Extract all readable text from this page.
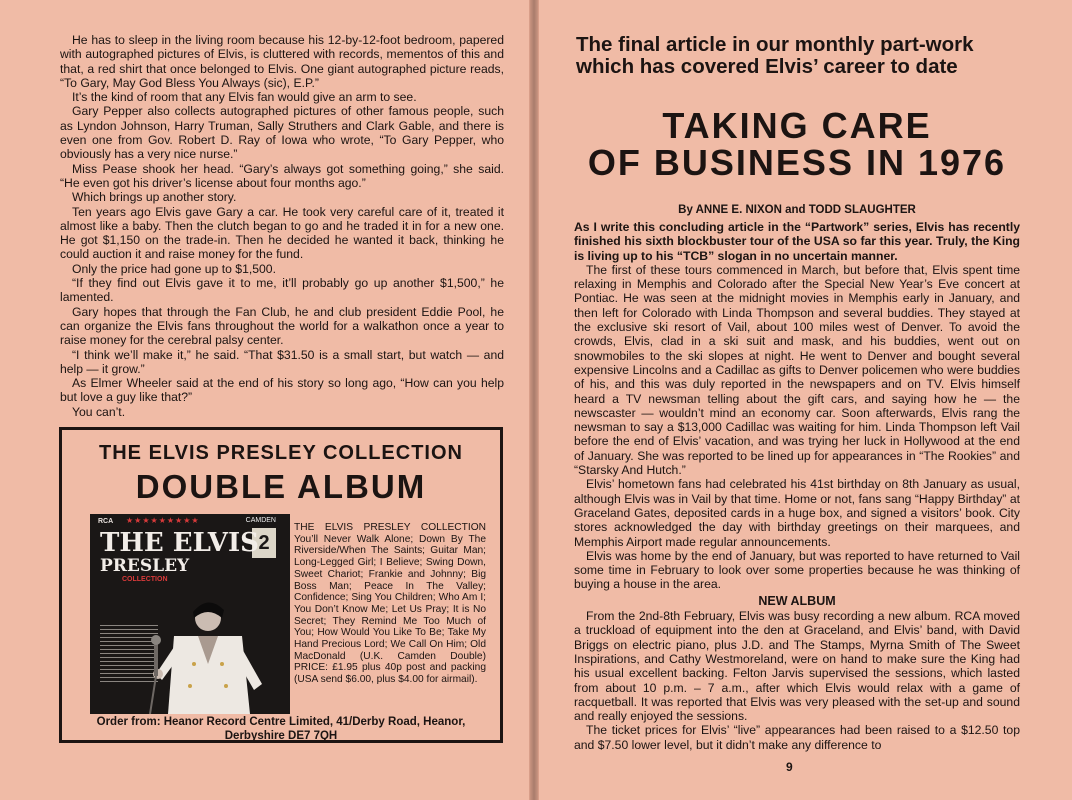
He has to sleep in the living room because his 12-by-12-foot bedroom, papered with autographed pictures of Elvis, is cluttered with records, mementos of this and that, a red shirt that once belonged to Elvis. One giant autographed picture reads, “To Gary, May God Bless You Always (sic), E.P.”

It’s the kind of room that any Elvis fan would give an arm to see.

Gary Pepper also collects autographed pictures of other famous people, such as Lyndon Johnson, Harry Truman, Sally Struthers and Clark Gable, and there is even one from Gov. Robert D. Ray of Iowa who wrote, “To Gary Pepper, who obviously has a very nice nurse.”

Miss Pease shook her head. “Gary’s always got something going,” she said. “He even got his driver’s license about four months ago.”

Which brings up another story.

Ten years ago Elvis gave Gary a car. He took very careful care of it, treated it almost like a baby. Then the clutch began to go and he traded it in for a new one. He got $1,150 on the trade-in. Then he decided he wanted it back, thinking he could auction it and raise money for the fund.

Only the price had gone up to $1,500.

“If they find out Elvis gave it to me, it’ll probably go up another $1,500,” he lamented.

Gary hopes that through the Fan Club, he and club president Eddie Pool, he can organize the Elvis fans throughout the world for a walkathon once a year to raise money for the cerebral palsy center.

“I think we’ll make it,” he said. “That $31.50 is a small start, but watch — and help — it grow.”

As Elmer Wheeler said at the end of his story so long ago, “How can you help but love a guy like that?”

You can’t.

THE ELVIS PRESLEY COLLECTION
DOUBLE ALBUM
RCA ★★★★★★★★★	CAMDEN
2
THE ELVIS
PRESLEY
COLLECTION
THE ELVIS PRESLEY COLLECTION You’ll Never Walk Alone; Down By The Riverside/When The Saints; Guitar Man; Long-Legged Girl; I Believe; Swing Down, Sweet Chariot; Frankie and Johnny; Big Boss Man; Peace In The Valley; Confidence; Sing You Children; Who Am I; You Don’t Know Me; Let Us Pray; It is No Secret; They Remind Me Too Much of You; How Would You Like To Be; Take My Hand Precious Lord; We Call On Him; Old MacDonald (U.K. Camden Double) PRICE: £1.95 plus 40p post and packing (USA send $6.00, plus $4.00 for airmail).
Order from: Heanor Record Centre Limited, 41/Derby Road, Heanor,
Derbyshire DE7 7QH
The final article in our monthly part-work which has covered Elvis’ career to date
TAKING CARE
OF BUSINESS IN 1976
By ANNE E. NIXON and TODD SLAUGHTER

As I write this concluding article in the “Partwork” series, Elvis has recently finished his sixth blockbuster tour of the USA so far this year. Truly, the King is living up to his “TCB” slogan in no uncertain manner.

The first of these tours commenced in March, but before that, Elvis spent time relaxing in Memphis and Colorado after the Special New Year’s Eve concert at Pontiac. He was seen at the midnight movies in Memphis early in January, and then left for Colorado with Linda Thompson and several buddies. They stayed at the exclusive ski resort of Vail, about 100 miles west of Denver. To avoid the crowds, Elvis, clad in a ski suit and mask, and his buddies, went out on snowmobiles to the ski slopes at night. He went to Denver and bought several expensive Lincolns and a Cadillac as gifts to Denver policemen who were buddies of his, and this was duly reported in the newspapers and on TV. Elvis himself heard a TV newsman telling about the gift cars, and saying how he — the newscaster — wouldn’t mind an economy car. Soon afterwards, Elvis rang the newsman to say a $13,000 Cadillac was waiting for him. Linda Thompson left Vail before the end of Elvis’ vacation, and was trying her luck in Hollywood at the end of January. She was reported to be lined up for appearances in “The Rookies” and “Starsky And Hutch.”

Elvis’ hometown fans had celebrated his 41st birthday on 8th January as usual, although Elvis was in Vail by that time. Home or not, fans sang “Happy Birthday” at Graceland Gates, deposited cards in a huge box, and signed a visitors’ book. City stores acknowledged the day with birthday greetings on their marquees, and Memphis Airport made regular announcements.

Elvis was home by the end of January, but was reported to have returned to Vail some time in February to look over some properties because he was thinking of buying a house in the area.

NEW ALBUM

From the 2nd-8th February, Elvis was busy recording a new album. RCA moved a truckload of equipment into the den at Graceland, and Elvis’ band, with David Briggs on electric piano, plus J.D. and The Stamps, Myrna Smith of The Sweet Inspirations, and Cathy Westmoreland, were on hand to make sure the King had his usual excellent backing. Felton Jarvis supervised the sessions, which lasted from about 10 p.m. – 7 a.m., after which Elvis would relax with a game of racquetball. It was reported that Elvis was very pleased with the set-up and sound and really enjoyed the sessions.

The ticket prices for Elvis’ “live” appearances had been raised to a $12.50 top and $7.50 lower level, but it didn’t make any difference to

9
